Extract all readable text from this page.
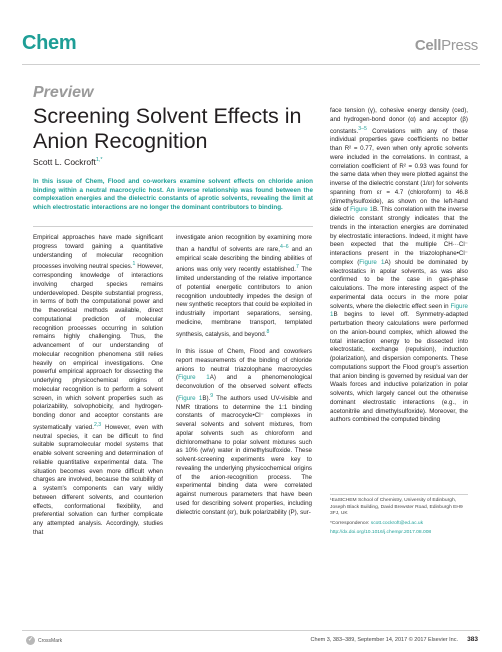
Chem	CellPress
Preview
Screening Solvent Effects in Anion Recognition
Scott L. Cockroft$^{1,*}$
In this issue of Chem, Flood and co-workers examine solvent effects on chloride anion binding within a neutral macrocyclic host. An inverse relationship was found between the complexation energies and the dielectric constants of aprotic solvents, revealing the limit at which electrostatic interactions are no longer the dominant contributors to binding.

Empirical approaches have made significant progress toward gaining a quantitative understanding of molecular recognition processes involving neutral species.$^1$ However, corresponding knowledge of interactions involving charged species remains underdeveloped. Despite substantial progress, in terms of both the computational power and the theoretical methods available, direct computational prediction of molecular recognition processes occurring in solution remains highly challenging. Thus, the advancement of our understanding of molecular recognition phenomena still relies heavily on empirical investigations. One powerful empirical approach for dissecting the underlying physicochemical origins of molecular recognition is to perform a solvent screen, in which solvent properties such as polarizability, solvophobicity, and hydrogen-bonding donor and acceptor constants are systematically varied.$^{2,3}$ However, even with neutral species, it can be difficult to find suitable supramolecular model systems that enable solvent screening and determination of reliable quantitative experimental data. The situation becomes even more difficult when charges are involved, because the solubility of a system's components can vary wildly between different solvents, and counterion effects, conformational flexibility, and preferential solvation can further complicate any attempted analysis. Accordingly, studies that

investigate anion recognition by examining more than a handful of solvents are rare,$^{4-6}$ and an empirical scale describing the binding abilities of anions was only very recently established.$^7$ The limited understanding of the relative importance of potential energetic contributors to anion recognition undoubtedly impedes the design of new synthetic receptors that could be exploited in industrially important separations, sensing, medicine, membrane transport, templated synthesis, catalysis, and beyond.$^8$

In this issue of Chem, Flood and coworkers report measurements of the binding of chloride anions to neutral triazolophane macrocycles (Figure 1A) and a phenomenological deconvolution of the observed solvent effects (Figure 1B).$^9$ The authors used UV-visible and NMR titrations to determine the 1:1 binding constants of macrocycle•Cl⁻ complexes in several solvents and solvent mixtures, from apolar solvents such as chloroform and dichloromethane to polar solvent mixtures such as 10% (w/w) water in dimethylsulfoxide. These solvent-screening experiments were key to revealing the underlying physicochemical origins of the anion-recognition process. The experimental binding data were correlated against numerous parameters that have been used for describing solvent properties, including dielectric constant (εr), bulk polarizability (P), sur-

face tension (γ), cohesive energy density (ced), and hydrogen-bond donor (α) and acceptor (β) constants.$^{3-5}$ Correlations with any of these individual properties gave coefficients no better than R² = 0.77, even when only aprotic solvents were included in the correlations. In contrast, a correlation coefficient of R² = 0.93 was found for the same data when they were plotted against the inverse of the dielectric constant (1/εr) for solvents spanning from εr = 4.7 (chloroform) to 46.8 (dimethylsulfoxide), as shown on the left-hand side of Figure 1B. This correlation with the inverse dielectric constant strongly indicates that the trends in the interaction energies are dominated by electrostatic interactions. Indeed, it might have been expected that the multiple CH···Cl⁻ interactions present in the triazolophane•Cl⁻ complex (Figure 1A) should be dominated by electrostatics in apolar solvents, as was also confirmed to be the case in gas-phase calculations. The more interesting aspect of the experimental data occurs in the more polar solvents, where the dielectric effect seen in Figure 1B begins to level off. Symmetry-adapted perturbation theory calculations were performed on the anion-bound complex, which allowed the total interaction energy to be dissected into electrostatic, exchange (repulsion), induction (polarization), and dispersion components. These computations support the Flood group's assertion that anion binding is governed by residual van der Waals forces and inductive polarization in polar solvents, which largely cancel out the otherwise dominant electrostatic interactions (e.g., in acetonitrile and dimethylsulfoxide). Moreover, the authors combined the computed binding

¹EaStCHEM School of Chemistry, University of Edinburgh, Joseph Black Building, David Brewster Road, Edinburgh EH9 3FJ, UK

*Correspondence: scott.cockroft@ed.ac.uk

http://dx.doi.org/10.1016/j.chempr.2017.08.008

✓ CrossMark	Chem 3, 383–389, September 14, 2017 © 2017 Elsevier Inc. 383
